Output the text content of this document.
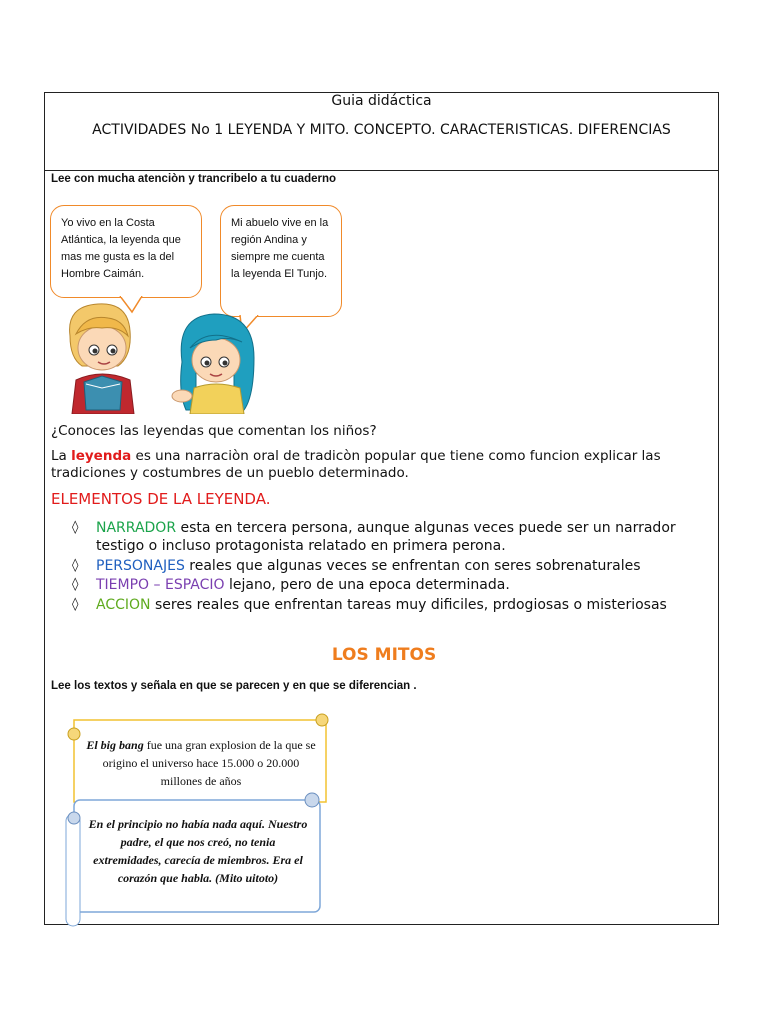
Guia didáctica
ACTIVIDADES No 1 LEYENDA Y MITO. CONCEPTO. CARACTERISTICAS. DIFERENCIAS
Lee con mucha atenciòn y trancribelo a tu cuaderno
Yo vivo en la Costa Atlántica, la leyenda que mas me gusta es la del Hombre Caimán.
Mi abuelo vive en la región Andina y siempre me cuenta la leyenda El Tunjo.
¿Conoces las leyendas que comentan los niños?
La leyenda es una narraciòn oral de tradicòn popular que tiene como funcion explicar las tradiciones y costumbres de un pueblo determinado.
ELEMENTOS DE LA LEYENDA.
◊ NARRADOR esta en tercera persona, aunque algunas veces puede ser un narrador testigo o incluso protagonista relatado en primera perona.
◊ PERSONAJES reales que algunas veces se enfrentan con seres sobrenaturales
◊ TIEMPO – ESPACIO lejano, pero de una epoca determinada.
◊ ACCION seres reales que enfrentan tareas muy dificiles, prdogiosas o misteriosas
LOS MITOS
Lee los textos y señala en que se parecen y en que se diferencian .
El big bang fue una gran explosion de la que se origino el universo hace 15.000 o 20.000 millones de años
En el principio no había nada aquí. Nuestro padre, el que nos creó, no tenia extremidades, carecía de miembros. Era el corazón que habla. (Mito uitoto)
